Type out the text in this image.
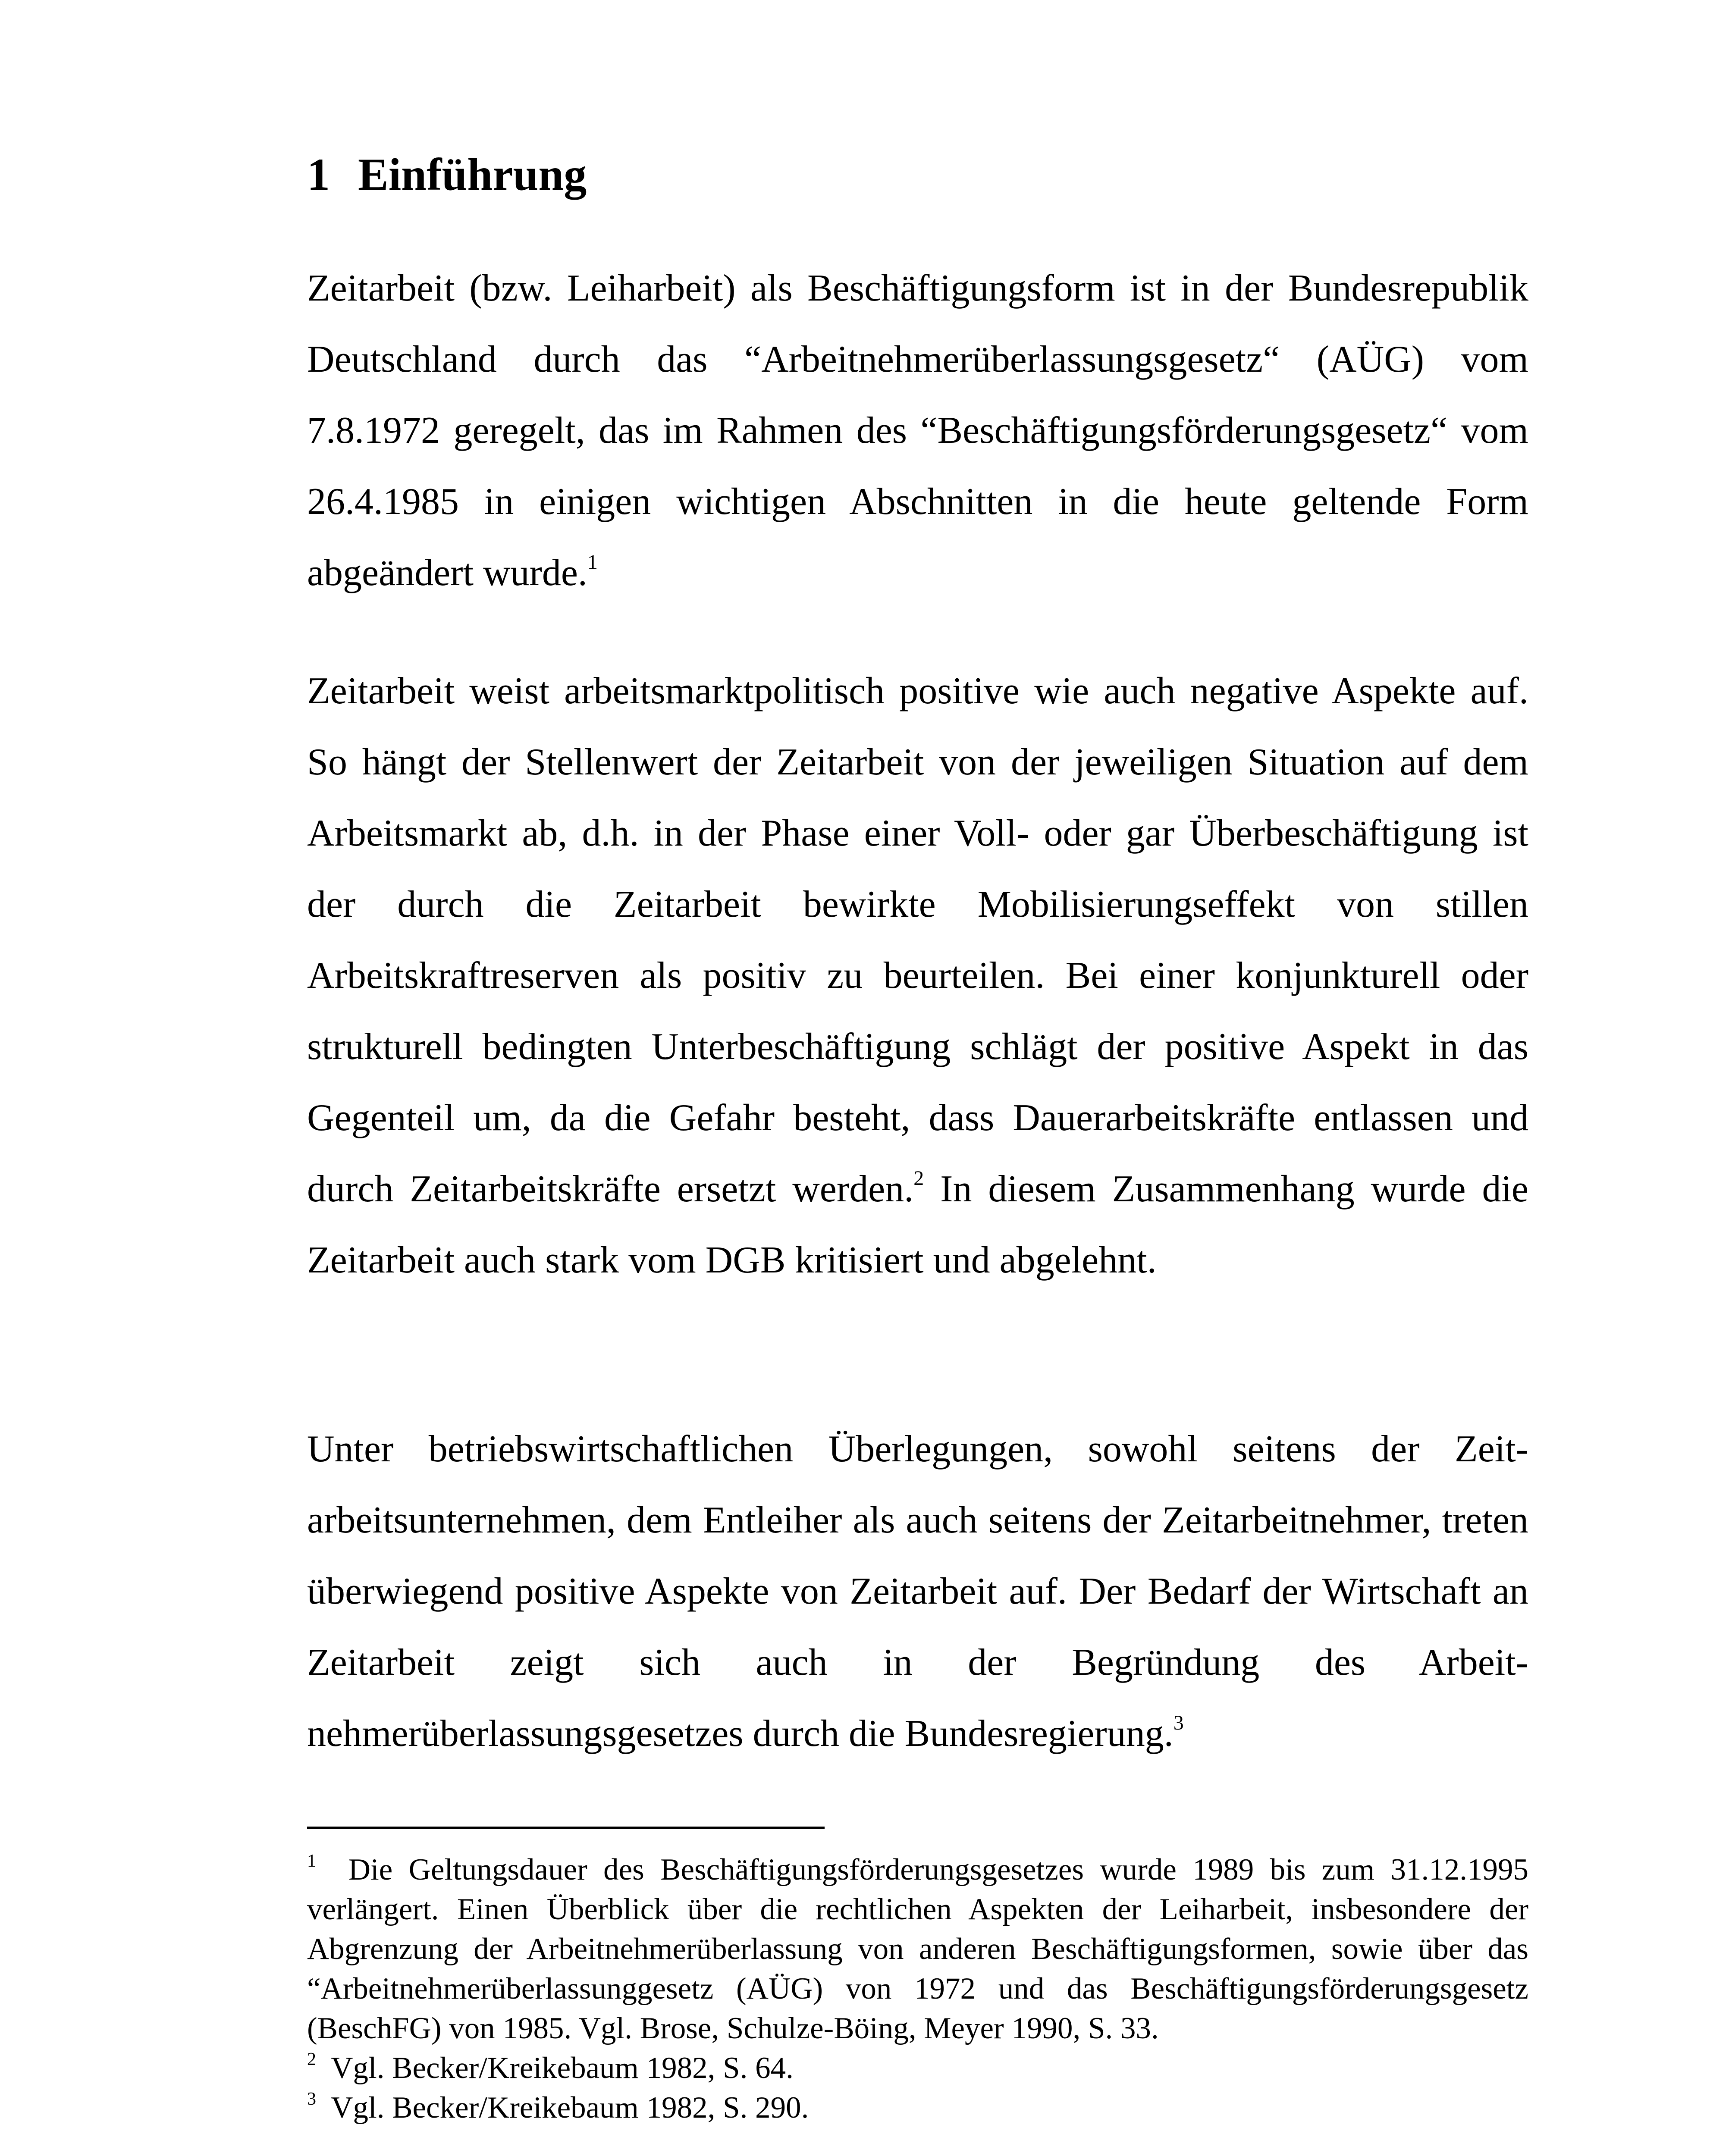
1 Einführung

Zeitarbeit (bzw. Leiharbeit) als Beschäftigungsform ist in der Bundesrepublik Deutschland durch das “Arbeitnehmerüberlassungsgesetz“ (AÜG) vom 7.8.1972 geregelt, das im Rahmen des “Beschäftigungsförderungsgesetz“ vom 26.4.1985 in einigen wichtigen Abschnitten in die heute geltende Form abgeändert wurde.$^1$

Zeitarbeit weist arbeitsmarktpolitisch positive wie auch negative Aspekte auf. So hängt der Stellenwert der Zeitarbeit von der jeweiligen Situation auf dem Arbeitsmarkt ab, d.h. in der Phase einer Voll- oder gar Überbeschäftigung ist der durch die Zeitarbeit bewirkte Mobilisierungseffekt von stillen Arbeitskraftreserven als positiv zu beurteilen. Bei einer konjunkturell oder strukturell bedingten Unterbeschäftigung schlägt der positive Aspekt in das Gegenteil um, da die Gefahr besteht, dass Dauerarbeitskräfte entlassen und durch Zeitarbeitskräfte ersetzt werden.$^2$ In diesem Zusammenhang wurde die Zeitarbeit auch stark vom DGB kritisiert und abgelehnt.

Unter betriebswirtschaftlichen Überlegungen, sowohl seitens der Zeitarbeitsunternehmen, dem Entleiher als auch seitens der Zeitarbeitnehmer, treten überwiegend positive Aspekte von Zeitarbeit auf. Der Bedarf der Wirtschaft an Zeitarbeit zeigt sich auch in der Begründung des Arbeitnehmerüberlassungsgesetzes durch die Bundesregierung.$^3$

$^1$ Die Geltungsdauer des Beschäftigungsförderungsgesetzes wurde 1989 bis zum 31.12.1995 verlängert. Einen Überblick über die rechtlichen Aspekten der Leiharbeit, insbesondere der Abgrenzung der Arbeitnehmerüberlassung von anderen Beschäftigungsformen, sowie über das “Arbeitnehmerüberlassunggesetz (AÜG) von 1972 und das Beschäftigungsförderungsgesetz (BeschFG) von 1985. Vgl. Brose, Schulze-Böing, Meyer 1990, S. 33.

$^2$ Vgl. Becker/Kreikebaum 1982, S. 64.

$^3$ Vgl. Becker/Kreikebaum 1982, S. 290.
